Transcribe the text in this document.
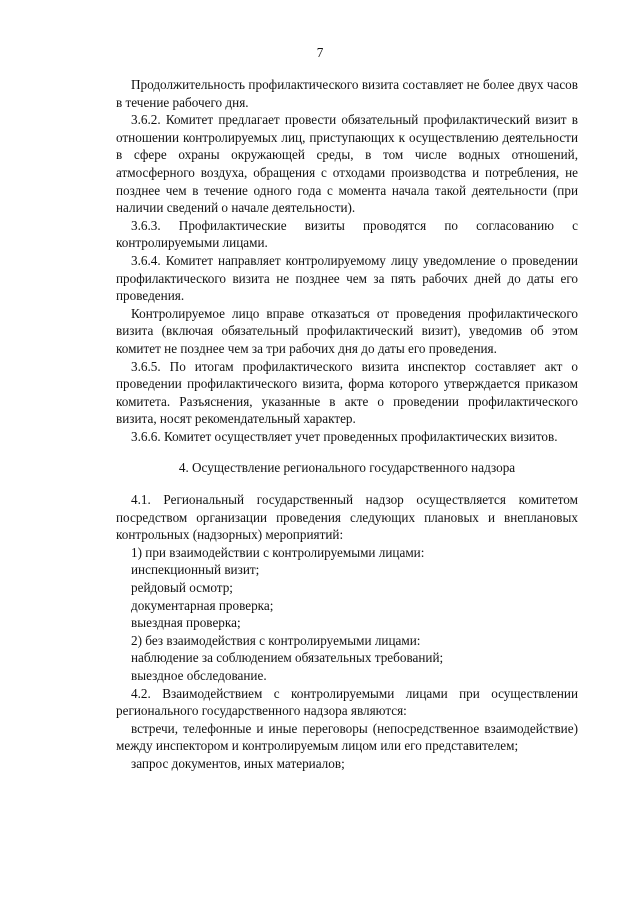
7

Продолжительность профилактического визита составляет не более двух часов в течение рабочего дня.

3.6.2. Комитет предлагает провести обязательный профилактический визит в отношении контролируемых лиц, приступающих к осуществлению деятельности в сфере охраны окружающей среды, в том числе водных отношений, атмосферного воздуха, обращения с отходами производства и потребления, не позднее чем в течение одного года с момента начала такой деятельности (при наличии сведений о начале деятельности).

3.6.3. Профилактические визиты проводятся по согласованию с контролируемыми лицами.

3.6.4. Комитет направляет контролируемому лицу уведомление о проведении профилактического визита не позднее чем за пять рабочих дней до даты его проведения.

Контролируемое лицо вправе отказаться от проведения профилактического визита (включая обязательный профилактический визит), уведомив об этом комитет не позднее чем за три рабочих дня до даты его проведения.

3.6.5. По итогам профилактического визита инспектор составляет акт о проведении профилактического визита, форма которого утверждается приказом комитета. Разъяснения, указанные в акте о проведении профилактического визита, носят рекомендательный характер.

3.6.6. Комитет осуществляет учет проведенных профилактических визитов.

4. Осуществление регионального государственного надзора

4.1. Региональный государственный надзор осуществляется комитетом посредством организации проведения следующих плановых и внеплановых контрольных (надзорных) мероприятий:

1) при взаимодействии с контролируемыми лицами:

инспекционный визит;

рейдовый осмотр;

документарная проверка;

выездная проверка;

2) без взаимодействия с контролируемыми лицами:

наблюдение за соблюдением обязательных требований;

выездное обследование.

4.2. Взаимодействием с контролируемыми лицами при осуществлении регионального государственного надзора являются:

встречи, телефонные и иные переговоры (непосредственное взаимодействие) между инспектором и контролируемым лицом или его представителем;

запрос документов, иных материалов;
